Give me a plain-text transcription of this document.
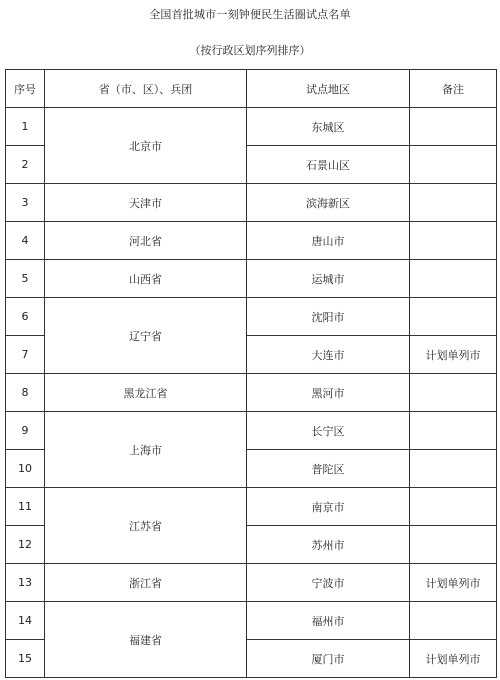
全国首批城市一刻钟便民生活圈试点名单
（按行政区划序列排序）
序号	省（市、区）、兵团	试点地区	备注
1	北京市	东城区	
2		石景山区	
3	天津市	滨海新区	
4	河北省	唐山市	
5	山西省	运城市	
6	辽宁省	沈阳市	
7		大连市	计划单列市
8	黑龙江省	黑河市	
9	上海市	长宁区	
10		普陀区	
11	江苏省	南京市	
12		苏州市	
13	浙江省	宁波市	计划单列市
14	福建省	福州市	
15		厦门市	计划单列市
